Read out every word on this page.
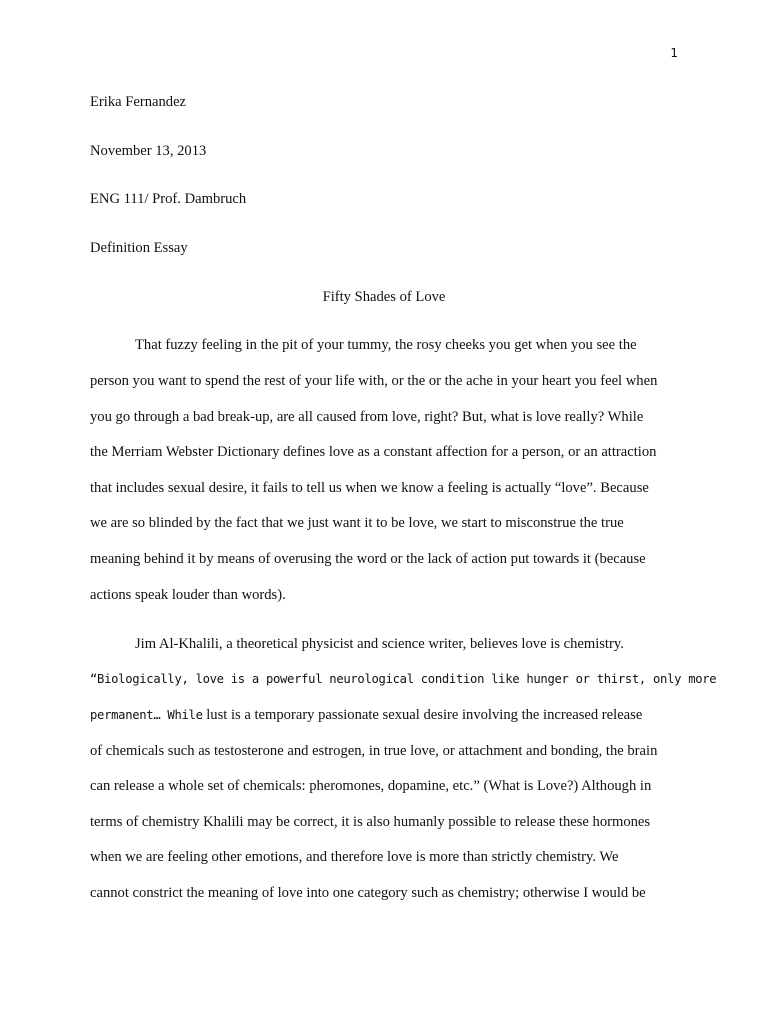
1
Erika Fernandez
November 13, 2013
ENG 111/ Prof. Dambruch
Definition Essay
Fifty Shades of Love
That fuzzy feeling in the pit of your tummy, the rosy cheeks you get when you see the
person you want to spend the rest of your life with, or the or the ache in your heart you feel when
you go through a bad break-up, are all caused from love, right? But, what is love really? While
the Merriam Webster Dictionary defines love as a constant affection for a person, or an attraction
that includes sexual desire, it fails to tell us when we know a feeling is actually “love”. Because
we are so blinded by the fact that we just want it to be love, we start to misconstrue the true
meaning behind it by means of overusing the word or the lack of action put towards it (because
actions speak louder than words).
Jim Al-Khalili, a theoretical physicist and science writer, believes love is chemistry.
“Biologically, love is a powerful neurological condition like hunger or thirst, only more
permanent… While lust is a temporary passionate sexual desire involving the increased release
of chemicals such as testosterone and estrogen, in true love, or attachment and bonding, the brain
can release a whole set of chemicals: pheromones, dopamine, etc.” (What is Love?) Although in
terms of chemistry Khalili may be correct, it is also humanly possible to release these hormones
when we are feeling other emotions, and therefore love is more than strictly chemistry. We
cannot constrict the meaning of love into one category such as chemistry; otherwise I would be
